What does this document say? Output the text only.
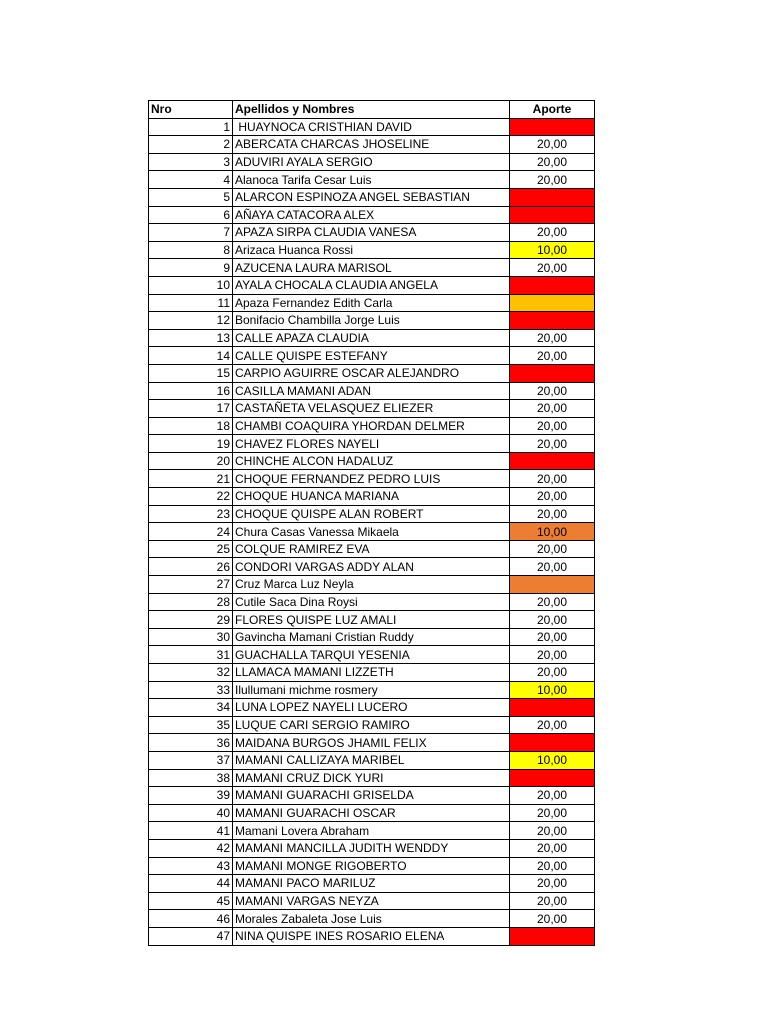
Nro	Apellidos y Nombres	Aporte
1	HUAYNOCA CRISTHIAN DAVID	
2	ABERCATA CHARCAS JHOSELINE	20,00
3	ADUVIRI AYALA SERGIO	20,00
4	Alanoca Tarifa Cesar Luis	20,00
5	ALARCON ESPINOZA ANGEL SEBASTIAN	
6	AÑAYA CATACORA ALEX	
7	APAZA SIRPA CLAUDIA VANESA	20,00
8	Arizaca Huanca Rossi	10,00
9	AZUCENA LAURA MARISOL	20,00
10	AYALA CHOCALA CLAUDIA ANGELA	
11	Apaza Fernandez Edith Carla	
12	Bonifacio Chambilla Jorge Luis	
13	CALLE APAZA CLAUDIA	20,00
14	CALLE QUISPE ESTEFANY	20,00
15	CARPIO AGUIRRE OSCAR ALEJANDRO	
16	CASILLA MAMANI ADAN	20,00
17	CASTAÑETA VELASQUEZ ELIEZER	20,00
18	CHAMBI COAQUIRA YHORDAN DELMER	20,00
19	CHAVEZ FLORES NAYELI	20,00
20	CHINCHE ALCON HADALUZ	
21	CHOQUE FERNANDEZ PEDRO LUIS	20,00
22	CHOQUE HUANCA MARIANA	20,00
23	CHOQUE QUISPE ALAN ROBERT	20,00
24	Chura Casas Vanessa Mikaela	10,00
25	COLQUE RAMIREZ EVA	20,00
26	CONDORI VARGAS ADDY ALAN	20,00
27	Cruz Marca Luz Neyla	
28	Cutile Saca Dina Roysi	20,00
29	FLORES QUISPE LUZ AMALI	20,00
30	Gavincha Mamani Cristian Ruddy	20,00
31	GUACHALLA TARQUI YESENIA	20,00
32	LLAMACA MAMANI LIZZETH	20,00
33	Ilullumani michme rosmery	10,00
34	LUNA LOPEZ NAYELI LUCERO	
35	LUQUE CARI SERGIO RAMIRO	20,00
36	MAIDANA BURGOS JHAMIL FELIX	
37	MAMANI CALLIZAYA MARIBEL	10,00
38	MAMANI CRUZ DICK YURI	
39	MAMANI GUARACHI GRISELDA	20,00
40	MAMANI GUARACHI OSCAR	20,00
41	Mamani Lovera Abraham	20,00
42	MAMANI MANCILLA JUDITH WENDDY	20,00
43	MAMANI MONGE RIGOBERTO	20,00
44	MAMANI PACO MARILUZ	20,00
45	MAMANI VARGAS NEYZA	20,00
46	Morales Zabaleta Jose Luis	20,00
47	NINA QUISPE INES ROSARIO ELENA	
